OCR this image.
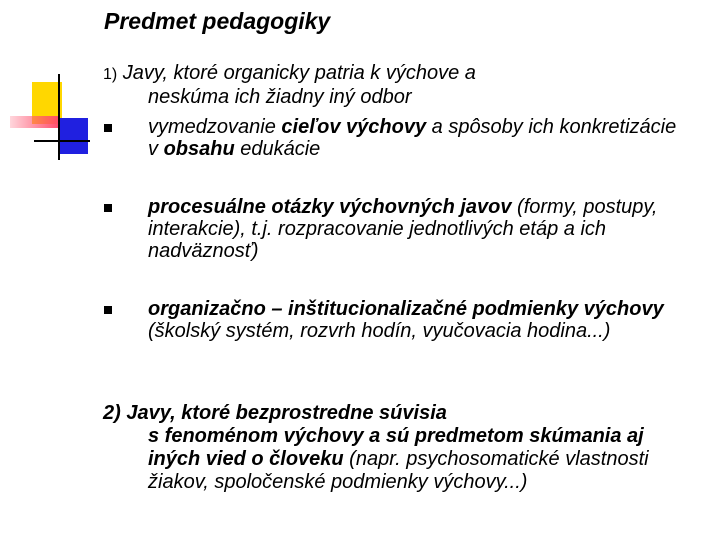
Predmet pedagogiky
1) Javy, ktoré organicky patria k výchove a
neskúma ich žiadny iný odbor
vymedzovanie cieľov výchovy a spôsoby ich konkretizácie v obsahu edukácie
procesuálne otázky výchovných javov (formy, postupy, interakcie), t.j. rozpracovanie jednotlivých etáp a ich nadväznosť)
organizačno – inštitucionalizačné podmienky výchovy (školský systém, rozvrh hodín, vyučovacia hodina...)
2) Javy, ktoré bezprostredne súvisia
s fenoménom výchovy a sú predmetom skúmania aj iných vied o človeku (napr. psychosomatické vlastnosti žiakov, spoločenské podmienky výchovy...)
